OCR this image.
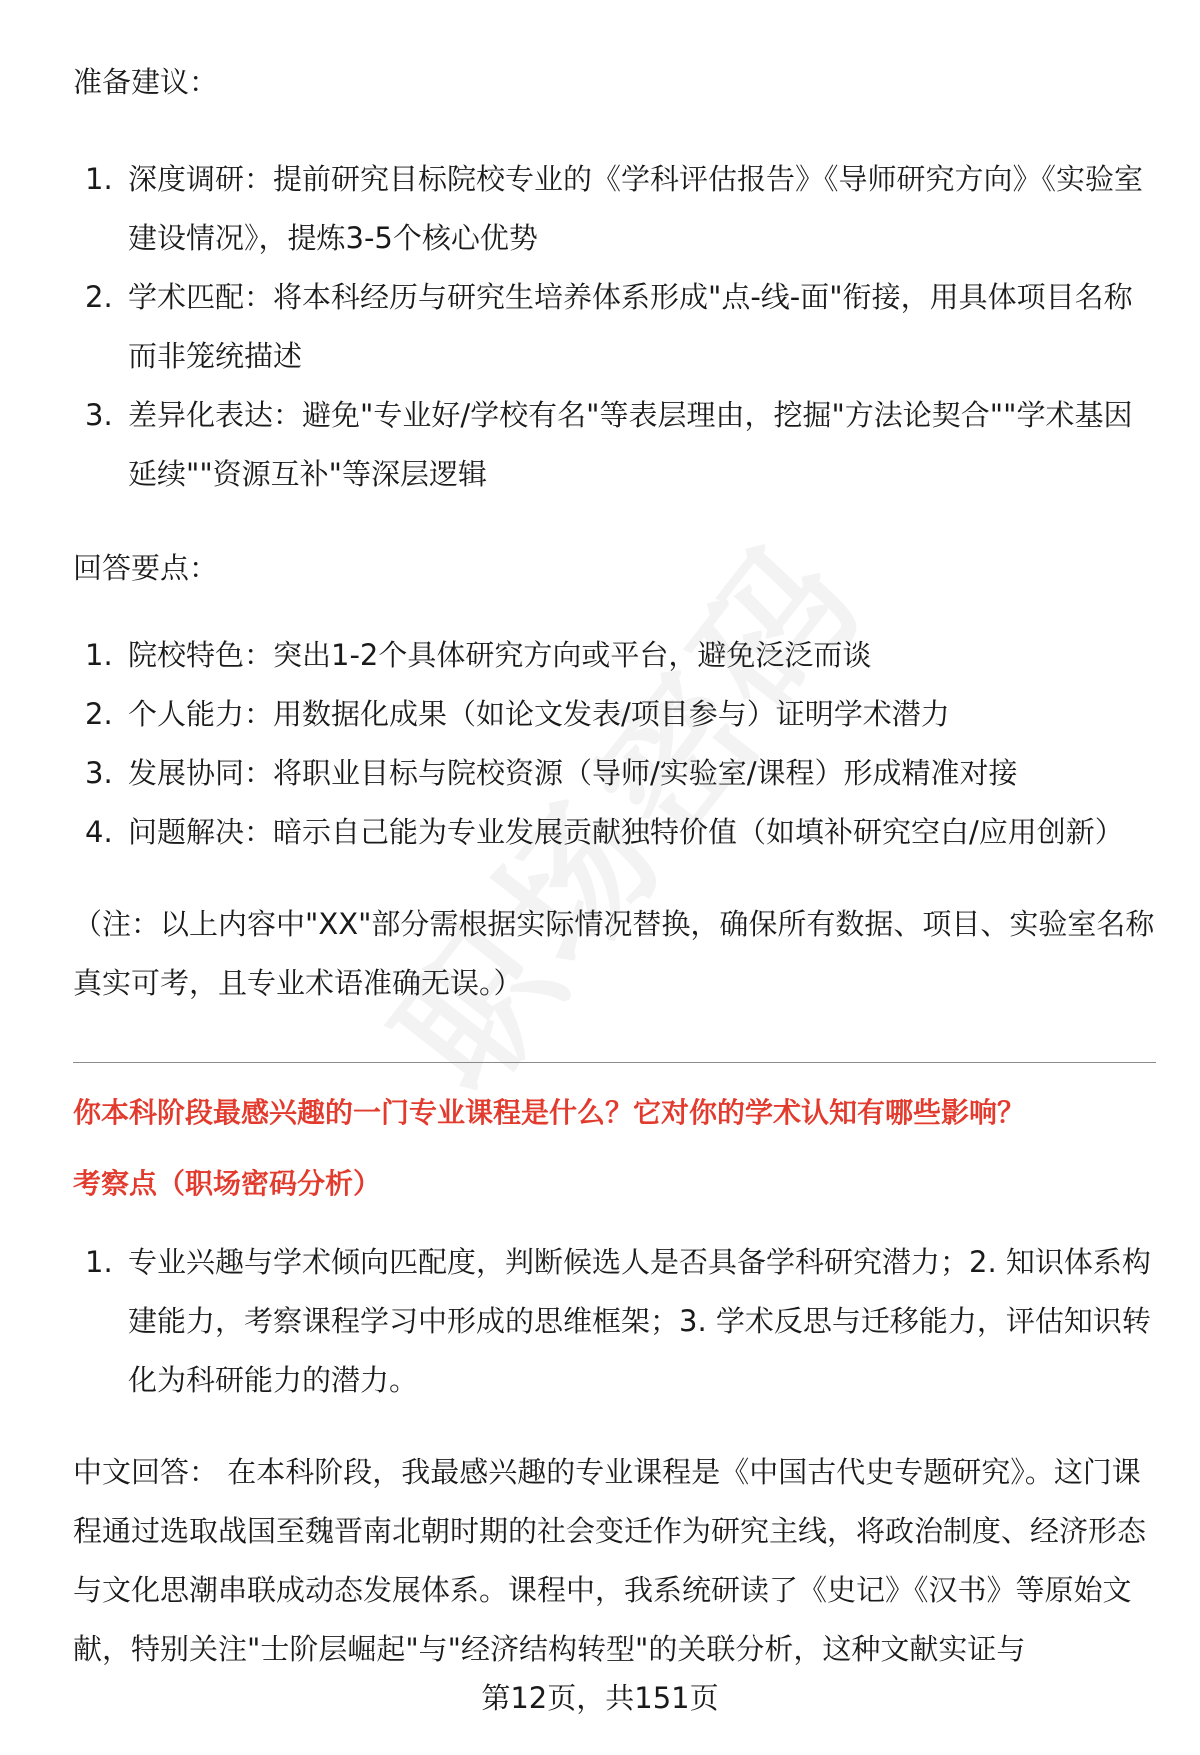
准备建议：
1. 深度调研：提前研究目标院校专业的《学科评估报告》《导师研究方向》《实验室建设情况》，提炼3-5个核心优势
2. 学术匹配：将本科经历与研究生培养体系形成"点-线-面"衔接，用具体项目名称而非笼统描述
3. 差异化表达：避免"专业好/学校有名"等表层理由，挖掘"方法论契合""学术基因延续""资源互补"等深层逻辑
回答要点：
1. 院校特色：突出1-2个具体研究方向或平台，避免泛泛而谈
2. 个人能力：用数据化成果（如论文发表/项目参与）证明学术潜力
3. 发展协同：将职业目标与院校资源（导师/实验室/课程）形成精准对接
4. 问题解决：暗示自己能为专业发展贡献独特价值（如填补研究空白/应用创新）

（注：以上内容中"XX"部分需根据实际情况替换，确保所有数据、项目、实验室名称真实可考，且专业术语准确无误。）

你本科阶段最感兴趣的一门专业课程是什么？它对你的学术认知有哪些影响？
考察点（职场密码分析）
1. 专业兴趣与学术倾向匹配度，判断候选人是否具备学科研究潜力；2. 知识体系构建能力，考察课程学习中形成的思维框架；3. 学术反思与迁移能力，评估知识转化为科研能力的潜力。

中文回答： 在本科阶段，我最感兴趣的专业课程是《中国古代史专题研究》。这门课程通过选取战国至魏晋南北朝时期的社会变迁作为研究主线，将政治制度、经济形态与文化思潮串联成动态发展体系。课程中，我系统研读了《史记》《汉书》等原始文献，特别关注"士阶层崛起"与"经济结构转型"的关联分析，这种文献实证与

第12页，共151页
